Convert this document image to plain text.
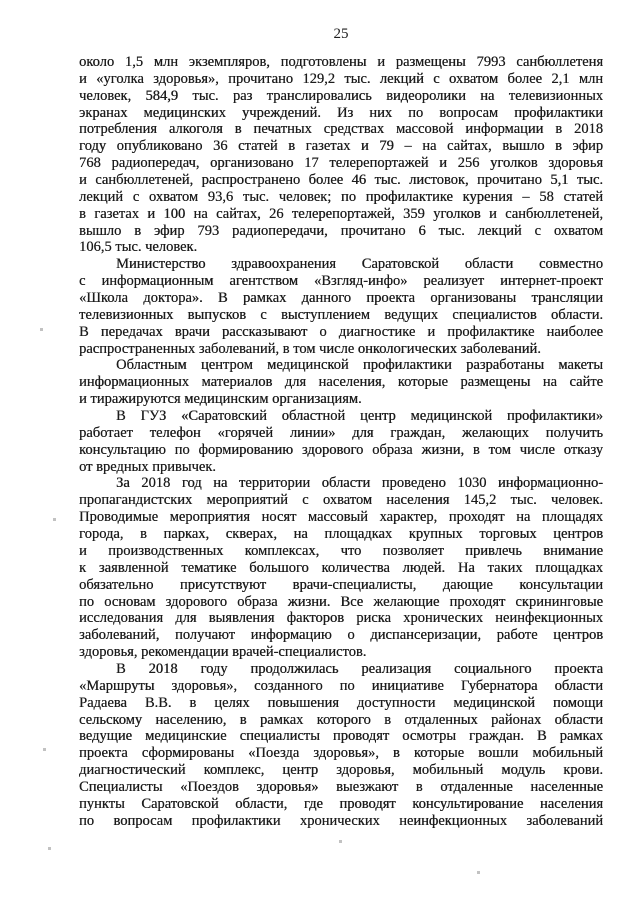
25
около 1,5 млн экземпляров, подготовлены и размещены 7993 санбюллетеня
и «уголка здоровья», прочитано 129,2 тыс. лекций с охватом более 2,1 млн
человек, 584,9 тыс. раз транслировались видеоролики на телевизионных
экранах медицинских учреждений. Из них по вопросам профилактики
потребления алкоголя в печатных средствах массовой информации в 2018
году опубликовано 36 статей в газетах и 79 – на сайтах, вышло в эфир
768 радиопередач, организовано 17 телерепортажей и 256 уголков здоровья
и санбюллетеней, распространено более 46 тыс. листовок, прочитано 5,1 тыс.
лекций с охватом 93,6 тыс. человек; по профилактике курения – 58 статей
в газетах и 100 на сайтах, 26 телерепортажей, 359 уголков и санбюллетеней,
вышло в эфир 793 радиопередачи, прочитано 6 тыс. лекций с охватом
106,5 тыс. человек.
Министерство здравоохранения Саратовской области совместно
с информационным агентством «Взгляд-инфо» реализует интернет-проект
«Школа доктора». В рамках данного проекта организованы трансляции
телевизионных выпусков с выступлением ведущих специалистов области.
В передачах врачи рассказывают о диагностике и профилактике наиболее
распространенных заболеваний, в том числе онкологических заболеваний.
Областным центром медицинской профилактики разработаны макеты
информационных материалов для населения, которые размещены на сайте
и тиражируются медицинским организациям.
В ГУЗ «Саратовский областной центр медицинской профилактики»
работает телефон «горячей линии» для граждан, желающих получить
консультацию по формированию здорового образа жизни, в том числе отказу
от вредных привычек.
За 2018 год на территории области проведено 1030 информационно-
пропагандистских мероприятий с охватом населения 145,2 тыс. человек.
Проводимые мероприятия носят массовый характер, проходят на площадях
города, в парках, скверах, на площадках крупных торговых центров
и производственных комплексах, что позволяет привлечь внимание
к заявленной тематике большого количества людей. На таких площадках
обязательно присутствуют врачи-специалисты, дающие консультации
по основам здорового образа жизни. Все желающие проходят скрининговые
исследования для выявления факторов риска хронических неинфекционных
заболеваний, получают информацию о диспансеризации, работе центров
здоровья, рекомендации врачей-специалистов.
В 2018 году продолжилась реализация социального проекта
«Маршруты здоровья», созданного по инициативе Губернатора области
Радаева В.В. в целях повышения доступности медицинской помощи
сельскому населению, в рамках которого в отдаленных районах области
ведущие медицинские специалисты проводят осмотры граждан. В рамках
проекта сформированы «Поезда здоровья», в которые вошли мобильный
диагностический комплекс, центр здоровья, мобильный модуль крови.
Специалисты «Поездов здоровья» выезжают в отдаленные населенные
пункты Саратовской области, где проводят консультирование населения
по вопросам профилактики хронических неинфекционных заболеваний
